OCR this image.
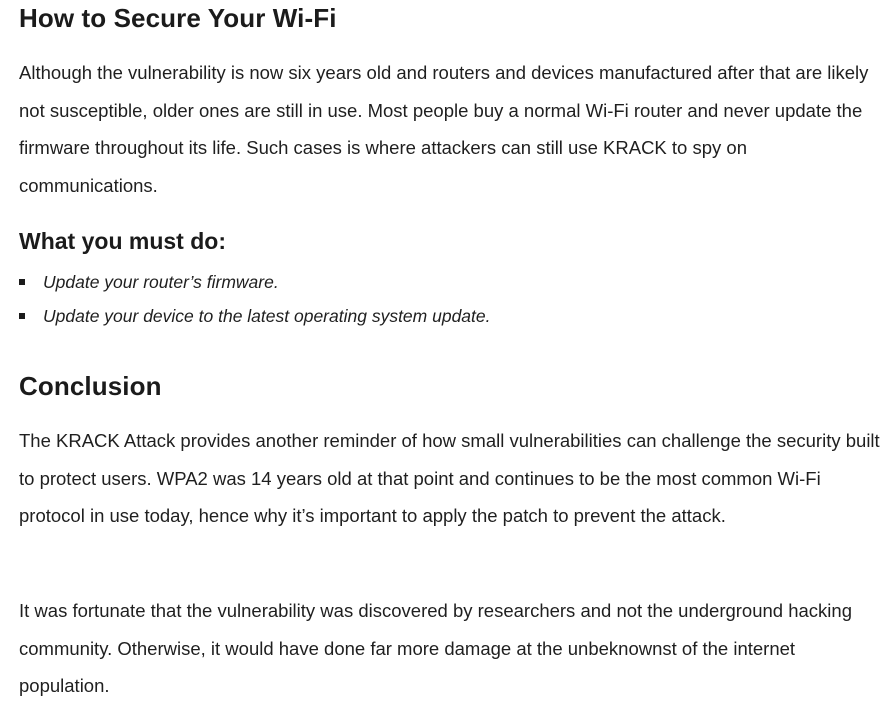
How to Secure Your Wi-Fi

Although the vulnerability is now six years old and routers and devices manufactured after that are likely not susceptible, older ones are still in use. Most people buy a normal Wi-Fi router and never update the firmware throughout its life. Such cases is where attackers can still use KRACK to spy on communications.

What you must do:
Update your router’s firmware.
Update your device to the latest operating system update.
Conclusion

The KRACK Attack provides another reminder of how small vulnerabilities can challenge the security built to protect users. WPA2 was 14 years old at that point and continues to be the most common Wi-Fi protocol in use today, hence why it’s important to apply the patch to prevent the attack.

It was fortunate that the vulnerability was discovered by researchers and not the underground hacking community. Otherwise, it would have done far more damage at the unbeknownst of the internet population.
